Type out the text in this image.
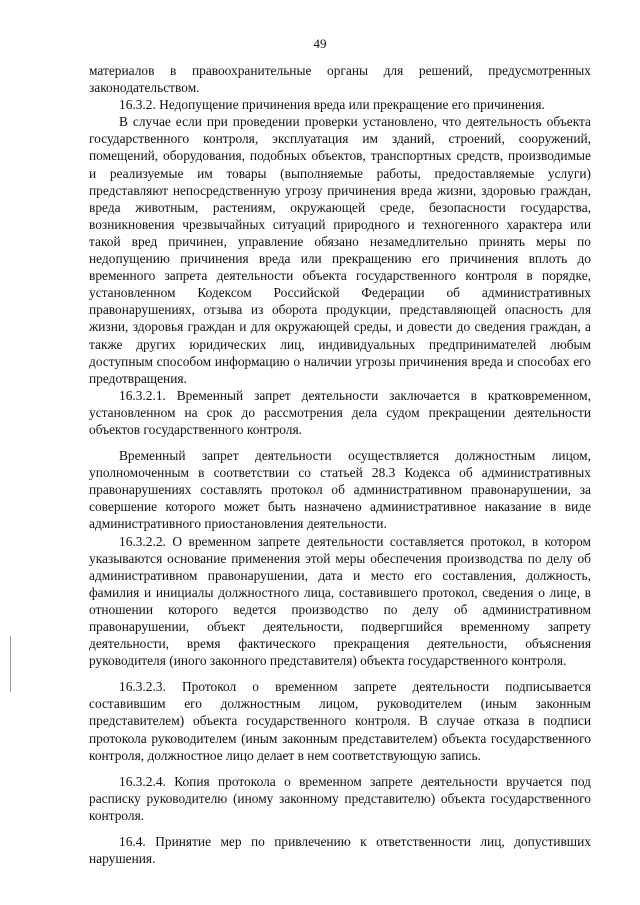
49

материалов в правоохранительные органы для решений, предусмотренных законодательством.

16.3.2. Недопущение причинения вреда или прекращение его причинения.

В случае если при проведении проверки установлено, что деятельность объекта государственного контроля, эксплуатация им зданий, строений, сооружений, помещений, оборудования, подобных объектов, транспортных средств, производимые и реализуемые им товары (выполняемые работы, предоставляемые услуги) представляют непосредственную угрозу причинения вреда жизни, здоровью граждан, вреда животным, растениям, окружающей среде, безопасности государства, возникновения чрезвычайных ситуаций природного и техногенного характера или такой вред причинен, управление обязано незамедлительно принять меры по недопущению причинения вреда или прекращению его причинения вплоть до временного запрета деятельности объекта государственного контроля в порядке, установленном Кодексом Российской Федерации об административных правонарушениях, отзыва из оборота продукции, представляющей опасность для жизни, здоровья граждан и для окружающей среды, и довести до сведения граждан, а также других юридических лиц, индивидуальных предпринимателей любым доступным способом информацию о наличии угрозы причинения вреда и способах его предотвращения.

16.3.2.1. Временный запрет деятельности заключается в кратковременном, установленном на срок до рассмотрения дела судом прекращении деятельности объектов государственного контроля.

Временный запрет деятельности осуществляется должностным лицом, уполномоченным в соответствии со статьей 28.3 Кодекса об административных правонарушениях составлять протокол об административном правонарушении, за совершение которого может быть назначено административное наказание в виде административного приостановления деятельности.

16.3.2.2. О временном запрете деятельности составляется протокол, в котором указываются основание применения этой меры обеспечения производства по делу об административном правонарушении, дата и место его составления, должность, фамилия и инициалы должностного лица, составившего протокол, сведения о лице, в отношении которого ведется производство по делу об административном правонарушении, объект деятельности, подвергшийся временному запрету деятельности, время фактического прекращения деятельности, объяснения руководителя (иного законного представителя) объекта государственного контроля.

16.3.2.3. Протокол о временном запрете деятельности подписывается составившим его должностным лицом, руководителем (иным законным представителем) объекта государственного контроля. В случае отказа в подписи протокола руководителем (иным законным представителем) объекта государственного контроля, должностное лицо делает в нем соответствующую запись.

16.3.2.4. Копия протокола о временном запрете деятельности вручается под расписку руководителю (иному законному представителю) объекта государственного контроля.

16.4. Принятие мер по привлечению к ответственности лиц, допустивших нарушения.
